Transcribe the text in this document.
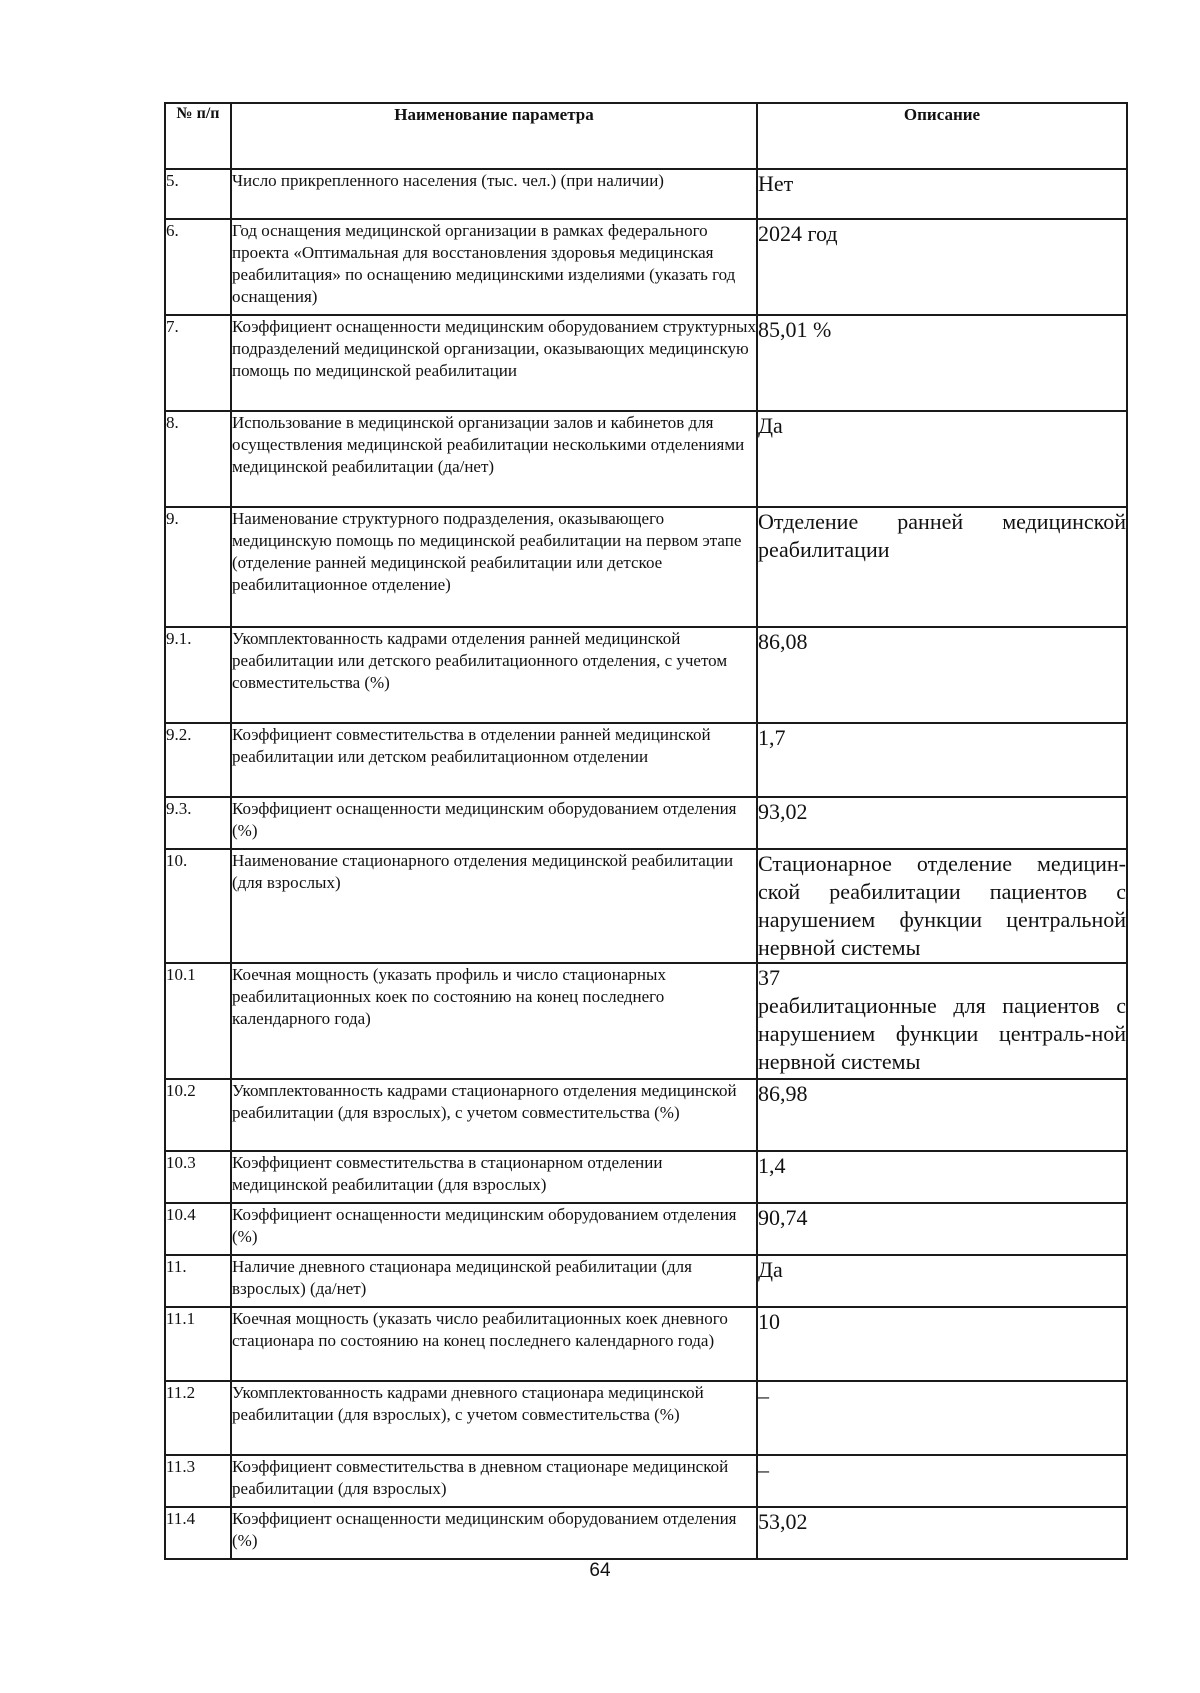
№ п/п	Наименование параметра	Описание
5.	Число прикрепленного населения (тыс. чел.) (при наличии)	Нет
6.	Год оснащения медицинской организации в рамках федерального проекта «Оптимальная для восстановления здоровья медицинская реабилитация» по оснащению медицинскими изделиями (указать год оснащения)	2024 год
7.	Коэффициент оснащенности медицинским оборудованием структурных подразделений медицинской организации, оказывающих медицинскую помощь по медицинской реабилитации	85,01 %
8.	Использование в медицинской организации залов и кабинетов для осуществления медицинской реабилитации несколькими отделениями медицинской реабилитации (да/нет)	Да
9.	Наименование структурного подразделения, оказывающего медицинскую помощь по медицинской реабилитации на первом этапе (отделение ранней медицинской реабилитации или детское реабилитационное отделение)	Отделение ранней медицинской реабилитации
9.1.	Укомплектованность кадрами отделения ранней медицинской реабилитации или детского реабилитационного отделения, с учетом совместительства (%)	86,08
9.2.	Коэффициент совместительства в отделении ранней медицинской реабилитации или детском реабилитационном отделении	1,7
9.3.	Коэффициент оснащенности медицинским оборудованием отделения (%)	93,02
10.	Наименование стационарного отделения медицинской реабилитации (для взрослых)	Стационарное отделение медицин-ской реабилитации пациентов с нарушением функции центральной нервной системы
10.1	Коечная мощность (указать профиль и число стационарных реабилитационных коек по состоянию на конец последнего календарного года)	37
реабилитационные для пациентов с нарушением функции централь-ной нервной системы

10.2	Укомплектованность кадрами стационарного отделения медицинской реабилитации (для взрослых), с учетом совместительства (%)	86,98
10.3	Коэффициент совместительства в стационарном отделении медицинской реабилитации (для взрослых)	1,4
10.4	Коэффициент оснащенности медицинским оборудованием отделения (%)	90,74
11.	Наличие дневного стационара медицинской реабилитации (для взрослых) (да/нет)	Да
11.1	Коечная мощность (указать число реабилитационных коек дневного стационара по состоянию на конец последнего календарного года)	10
11.2	Укомплектованность кадрами дневного стационара медицинской реабилитации (для взрослых), с учетом совместительства (%)	–
11.3	Коэффициент совместительства в дневном стационаре медицинской реабилитации (для взрослых)	–
11.4	Коэффициент оснащенности медицинским оборудованием отделения (%)	53,02
64
